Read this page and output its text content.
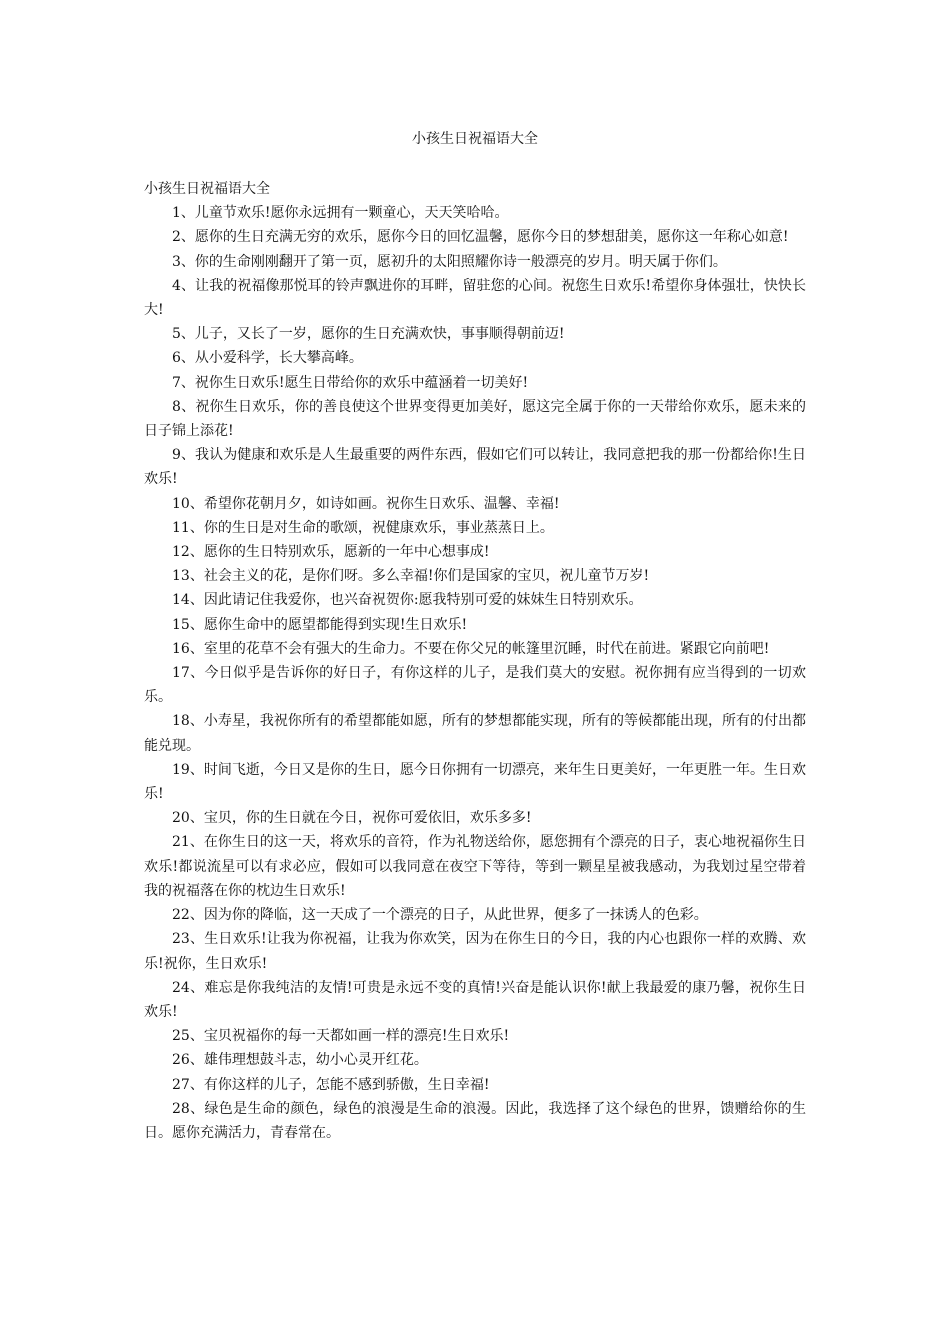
小孩生日祝福语大全

小孩生日祝福语大全

1、儿童节欢乐!愿你永远拥有一颗童心，天天笑哈哈。

2、愿你的生日充满无穷的欢乐，愿你今日的回忆温馨，愿你今日的梦想甜美，愿你这一年称心如意!

3、你的生命刚刚翻开了第一页，愿初升的太阳照耀你诗一般漂亮的岁月。明天属于你们。

4、让我的祝福像那悦耳的铃声飘进你的耳畔，留驻您的心间。祝您生日欢乐!希望你身体强壮，快快长大!

5、儿子，又长了一岁，愿你的生日充满欢快，事事顺得朝前迈!

6、从小爱科学，长大攀高峰。

7、祝你生日欢乐!愿生日带给你的欢乐中蕴涵着一切美好!

8、祝你生日欢乐，你的善良使这个世界变得更加美好，愿这完全属于你的一天带给你欢乐，愿未来的日子锦上添花!

9、我认为健康和欢乐是人生最重要的两件东西，假如它们可以转让，我同意把我的那一份都给你!生日欢乐!

10、希望你花朝月夕，如诗如画。祝你生日欢乐、温馨、幸福!

11、你的生日是对生命的歌颂，祝健康欢乐，事业蒸蒸日上。

12、愿你的生日特别欢乐，愿新的一年中心想事成!

13、社会主义的花，是你们呀。多么幸福!你们是国家的宝贝，祝儿童节万岁!

14、因此请记住我爱你，也兴奋祝贺你:愿我特别可爱的妹妹生日特别欢乐。

15、愿你生命中的愿望都能得到实现!生日欢乐!

16、室里的花草不会有强大的生命力。不要在你父兄的帐篷里沉睡，时代在前进。紧跟它向前吧!

17、今日似乎是告诉你的好日子，有你这样的儿子，是我们莫大的安慰。祝你拥有应当得到的一切欢乐。

18、小寿星，我祝你所有的希望都能如愿，所有的梦想都能实现，所有的等候都能出现，所有的付出都能兑现。

19、时间飞逝，今日又是你的生日，愿今日你拥有一切漂亮，来年生日更美好，一年更胜一年。生日欢乐!

20、宝贝，你的生日就在今日，祝你可爱依旧，欢乐多多!

21、在你生日的这一天，将欢乐的音符，作为礼物送给你，愿您拥有个漂亮的日子，衷心地祝福你生日欢乐!都说流星可以有求必应，假如可以我同意在夜空下等待，等到一颗星星被我感动，为我划过星空带着我的祝福落在你的枕边生日欢乐!

22、因为你的降临，这一天成了一个漂亮的日子，从此世界，便多了一抹诱人的色彩。

23、生日欢乐!让我为你祝福，让我为你欢笑，因为在你生日的今日，我的内心也跟你一样的欢腾、欢乐!祝你，生日欢乐!

24、难忘是你我纯洁的友情!可贵是永远不变的真情!兴奋是能认识你!献上我最爱的康乃馨，祝你生日欢乐!

25、宝贝祝福你的每一天都如画一样的漂亮!生日欢乐!

26、雄伟理想鼓斗志，幼小心灵开红花。

27、有你这样的儿子，怎能不感到骄傲，生日幸福!

28、绿色是生命的颜色，绿色的浪漫是生命的浪漫。因此，我选择了这个绿色的世界，馈赠给你的生日。愿你充满活力，青春常在。
